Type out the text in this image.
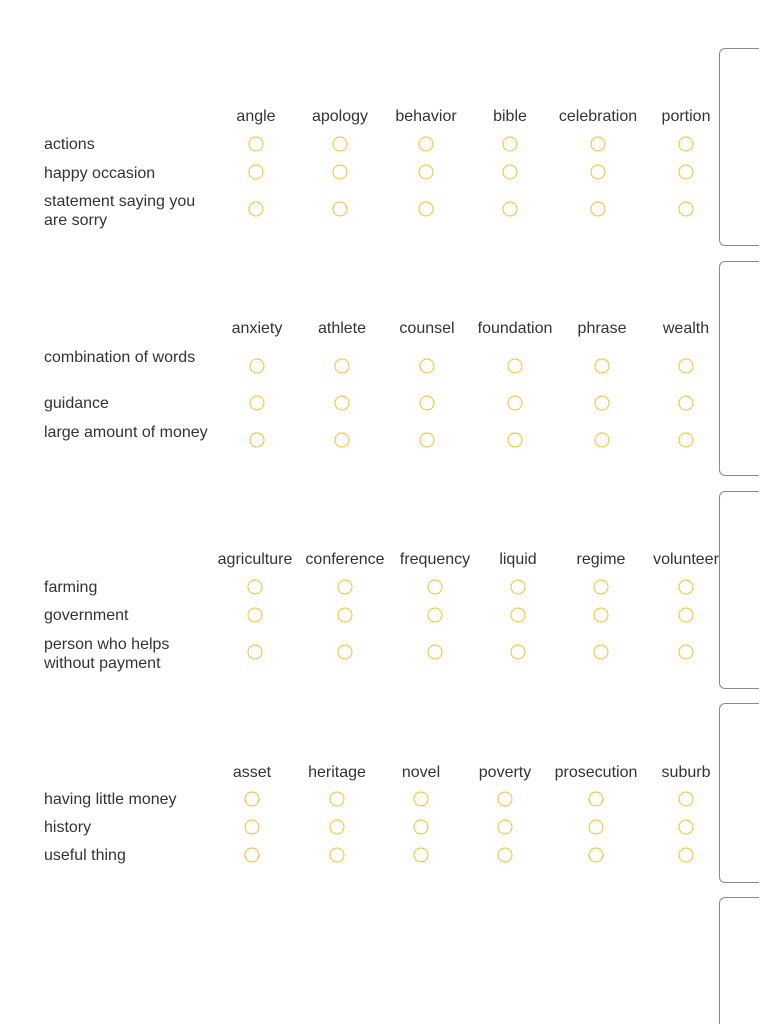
angle apology behavior bible celebration portion
actions
happy occasion
statement saying you are sorry
anxiety athlete counsel foundation phrase wealth
combination of words
guidance
large amount of money
agriculture conference frequency liquid regime volunteer
farming
government
person who helps without payment
asset heritage novel poverty prosecution suburb
having little money
history
useful thing
